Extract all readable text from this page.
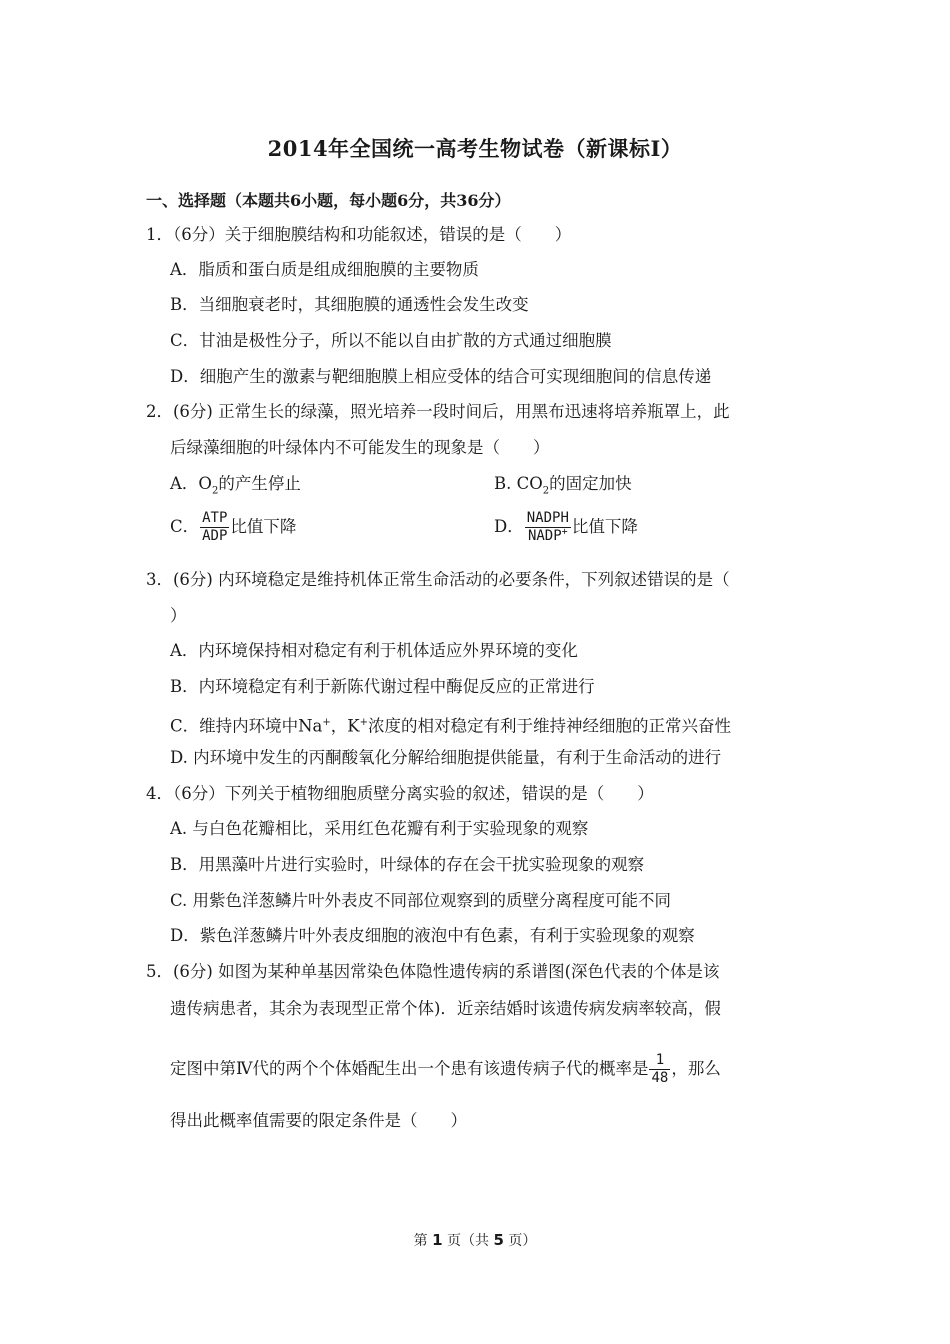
2014年全国统一高考生物试卷（新课标Ⅰ）
一、选择题（本题共6小题，每小题6分，共36分）
1．（6分）关于细胞膜结构和功能叙述，错误的是（　　）
A．脂质和蛋白质是组成细胞膜的主要物质
B．当细胞衰老时，其细胞膜的通透性会发生改变
C．甘油是极性分子，所以不能以自由扩散的方式通过细胞膜
D．细胞产生的激素与靶细胞膜上相应受体的结合可实现细胞间的信息传递
2．(6分) 正常生长的绿藻，照光培养一段时间后，用黑布迅速将培养瓶罩上，此
后绿藻细胞的叶绿体内不可能发生的现象是（　　）
A．$O_2$的产生停止	B. $CO_2$的固定加快
C． $\frac{\text{ATP}}{\text{ADP}}$ 比值下降	D． $\frac{\text{NADPH}}{NADP^+}$ 比值下降
3．(6分) 内环境稳定是维持机体正常生命活动的必要条件，下列叙述错误的是（
）
A．内环境保持相对稳定有利于机体适应外界环境的变化
B．内环境稳定有利于新陈代谢过程中酶促反应的正常进行
C．维持内环境中Na+，K+浓度的相对稳定有利于维持神经细胞的正常兴奋性
D. 内环境中发生的丙酮酸氧化分解给细胞提供能量，有利于生命活动的进行
4．（6分）下列关于植物细胞质壁分离实验的叙述，错误的是（　　）
A. 与白色花瓣相比，采用红色花瓣有利于实验现象的观察
B．用黑藻叶片进行实验时，叶绿体的存在会干扰实验现象的观察
C. 用紫色洋葱鳞片叶外表皮不同部位观察到的质壁分离程度可能不同
D．紫色洋葱鳞片叶外表皮细胞的液泡中有色素，有利于实验现象的观察
5．(6分) 如图为某种单基因常染色体隐性遗传病的系谱图(深色代表的个体是该
遗传病患者，其余为表现型正常个体)．近亲结婚时该遗传病发病率较高，假
定图中第Ⅳ代的两个个体婚配生出一个患有该遗传病子代的概率是 $\frac{1}{48}$ ，那么
得出此概率值需要的限定条件是（　　）
第 1 页（共 5 页）
